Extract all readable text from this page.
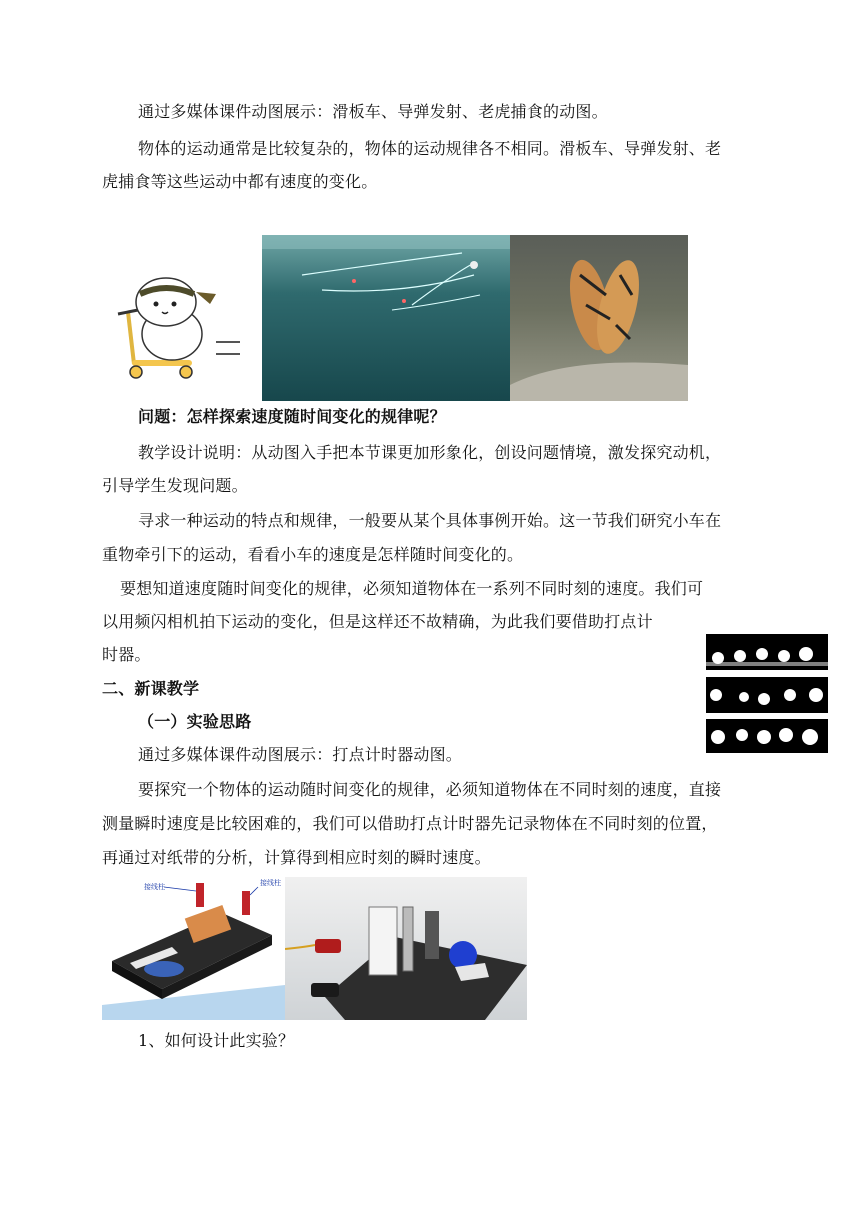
通过多媒体课件动图展示：滑板车、导弹发射、老虎捕食的动图。
物体的运动通常是比较复杂的，物体的运动规律各不相同。滑板车、导弹发射、老
虎捕食等这些运动中都有速度的变化。
问题：怎样探索速度随时间变化的规律呢？
教学设计说明：从动图入手把本节课更加形象化，创设问题情境，激发探究动机，
引导学生发现问题。
寻求一种运动的特点和规律，一般要从某个具体事例开始。这一节我们研究小车在
重物牵引下的运动，看看小车的速度是怎样随时间变化的。
要想知道速度随时间变化的规律，必须知道物体在一系列不同时刻的速度。我们可
以用频闪相机拍下运动的变化，但是这样还不故精确，为此我们要借助打点计
时器。
二、新课教学
（一）实验思路
通过多媒体课件动图展示：打点计时器动图。
要探究一个物体的运动随时间变化的规律，必须知道物体在不同时刻的速度，直接
测量瞬时速度是比较困难的，我们可以借助打点计时器先记录物体在不同时刻的位置，
再通过对纸带的分析，计算得到相应时刻的瞬时速度。
接线柱	接线柱
1、如何设计此实验？
